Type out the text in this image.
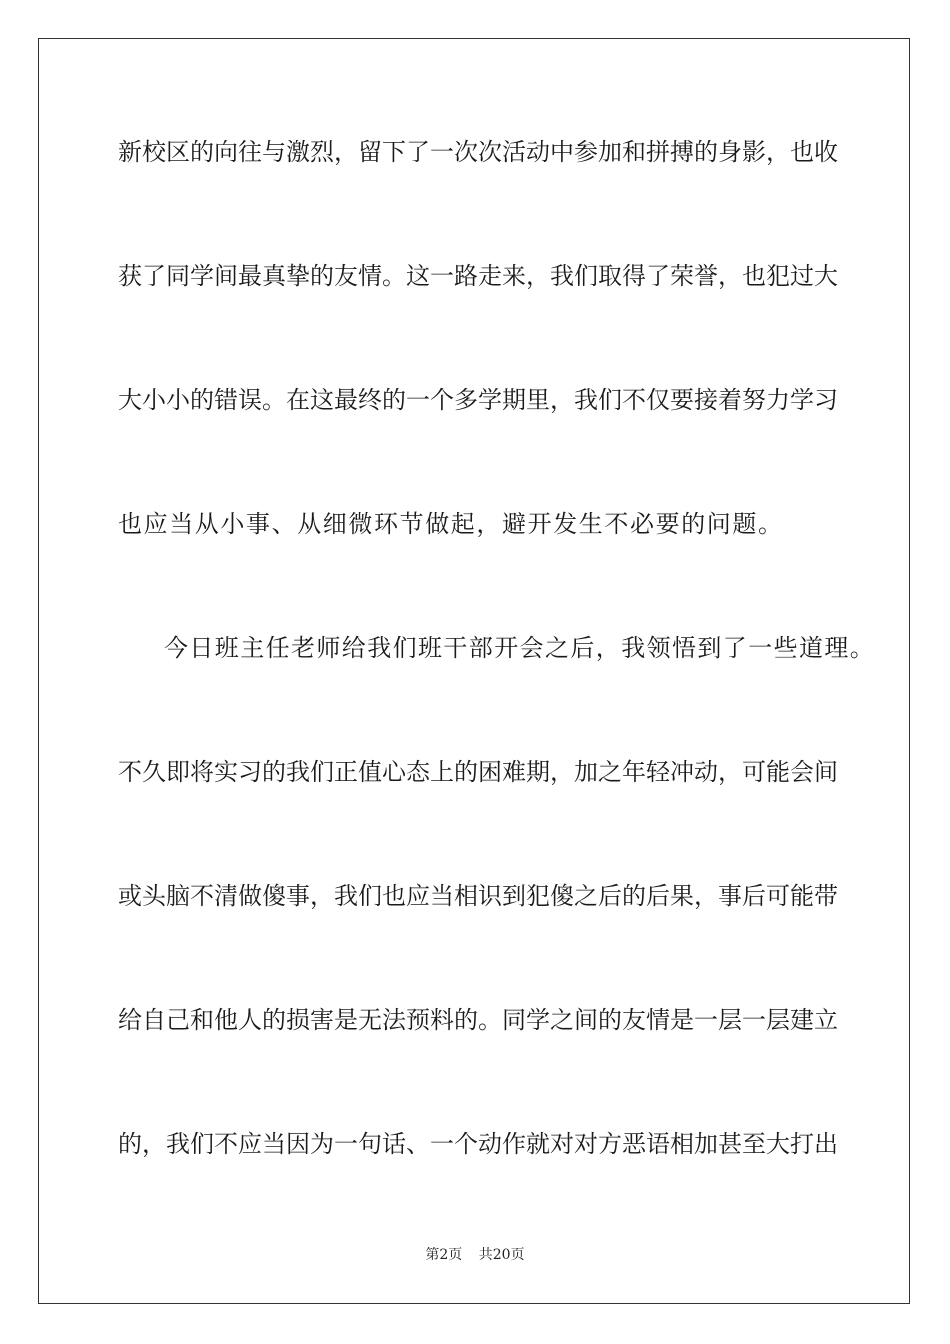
新校区的向往与激烈，留下了一次次活动中参加和拼搏的身影，也收
获了同学间最真挚的友情。这一路走来，我们取得了荣誉，也犯过大
大小小的错误。在这最终的一个多学期里，我们不仅要接着努力学习
也应当从小事、从细微环节做起，避开发生不必要的问题。
今日班主任老师给我们班干部开会之后，我领悟到了一些道理。
不久即将实习的我们正值心态上的困难期，加之年轻冲动，可能会间
或头脑不清做傻事，我们也应当相识到犯傻之后的后果，事后可能带
给自己和他人的损害是无法预料的。同学之间的友情是一层一层建立
的，我们不应当因为一句话、一个动作就对对方恶语相加甚至大打出
第2页 共20页
